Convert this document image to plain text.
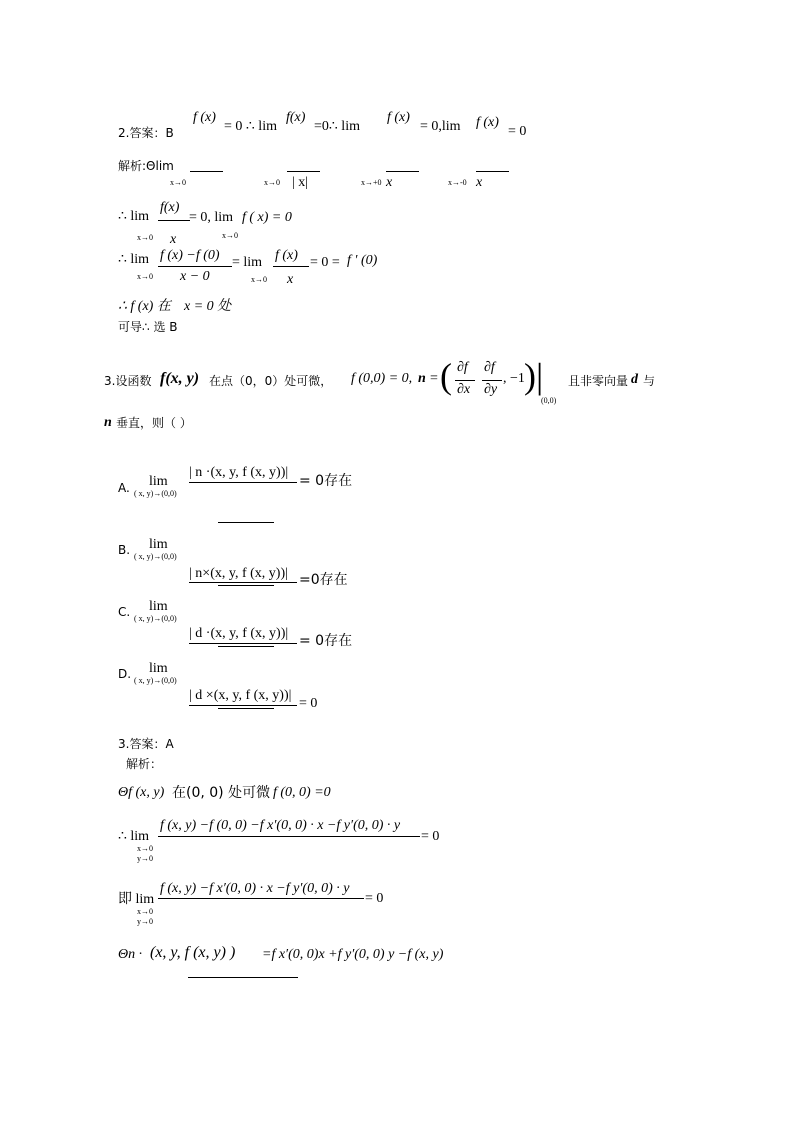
2.答案：B
f (x)
= 0 ∴ lim
f(x)
=0∴ lim
f (x)
= 0,lim f (x)
= 0
解析:Θlim
x→0	x→0 | x|	x→+0 x	x→-0 x
∴ lim
f(x)
= 0, lim f ( x) = 0
x→0 x	x→0
∴ lim f (x) −f (0)
x − 0
= lim f (x)
x
= 0 = f ′ (0)
x→0	x→0
∴ f (x) 在 x = 0 处
可导∴ 选 B
3.设函数 f(x, y) 在点（0，0）处可微， f (0,0) = 0, n = ( ∂f
∂x
∂f
∂y
, −1 ) |
(0,0)
且非零向量 d 与
n 垂直，则（ ）
A. lim
( x, y)→(0,0)
| n ·(x, y, f (x, y))|
= 0存在
B. lim
( x, y)→(0,0)
| n×(x, y, f (x, y))| =0存在
C. lim
( x, y)→(0,0)
| d ·(x, y, f (x, y))| = 0存在
D. lim
( x, y)→(0,0)
| d ×(x, y, f (x, y))|
= 0
3.答案：A
解析：
Θf (x, y) 在(0, 0) 处可微 f (0, 0) =0
∴ lim
f (x, y) −f (0, 0) −f x′(0, 0) · x −f y′(0, 0) · y
= 0
x→0
y→0
即 lim
f (x, y) −f x′(0, 0) · x −f y′(0, 0) · y
= 0
x→0
y→0
Θn · (x, y, f (x, y) ) =f x′(0, 0)x +f y′(0, 0) y −f (x, y)
